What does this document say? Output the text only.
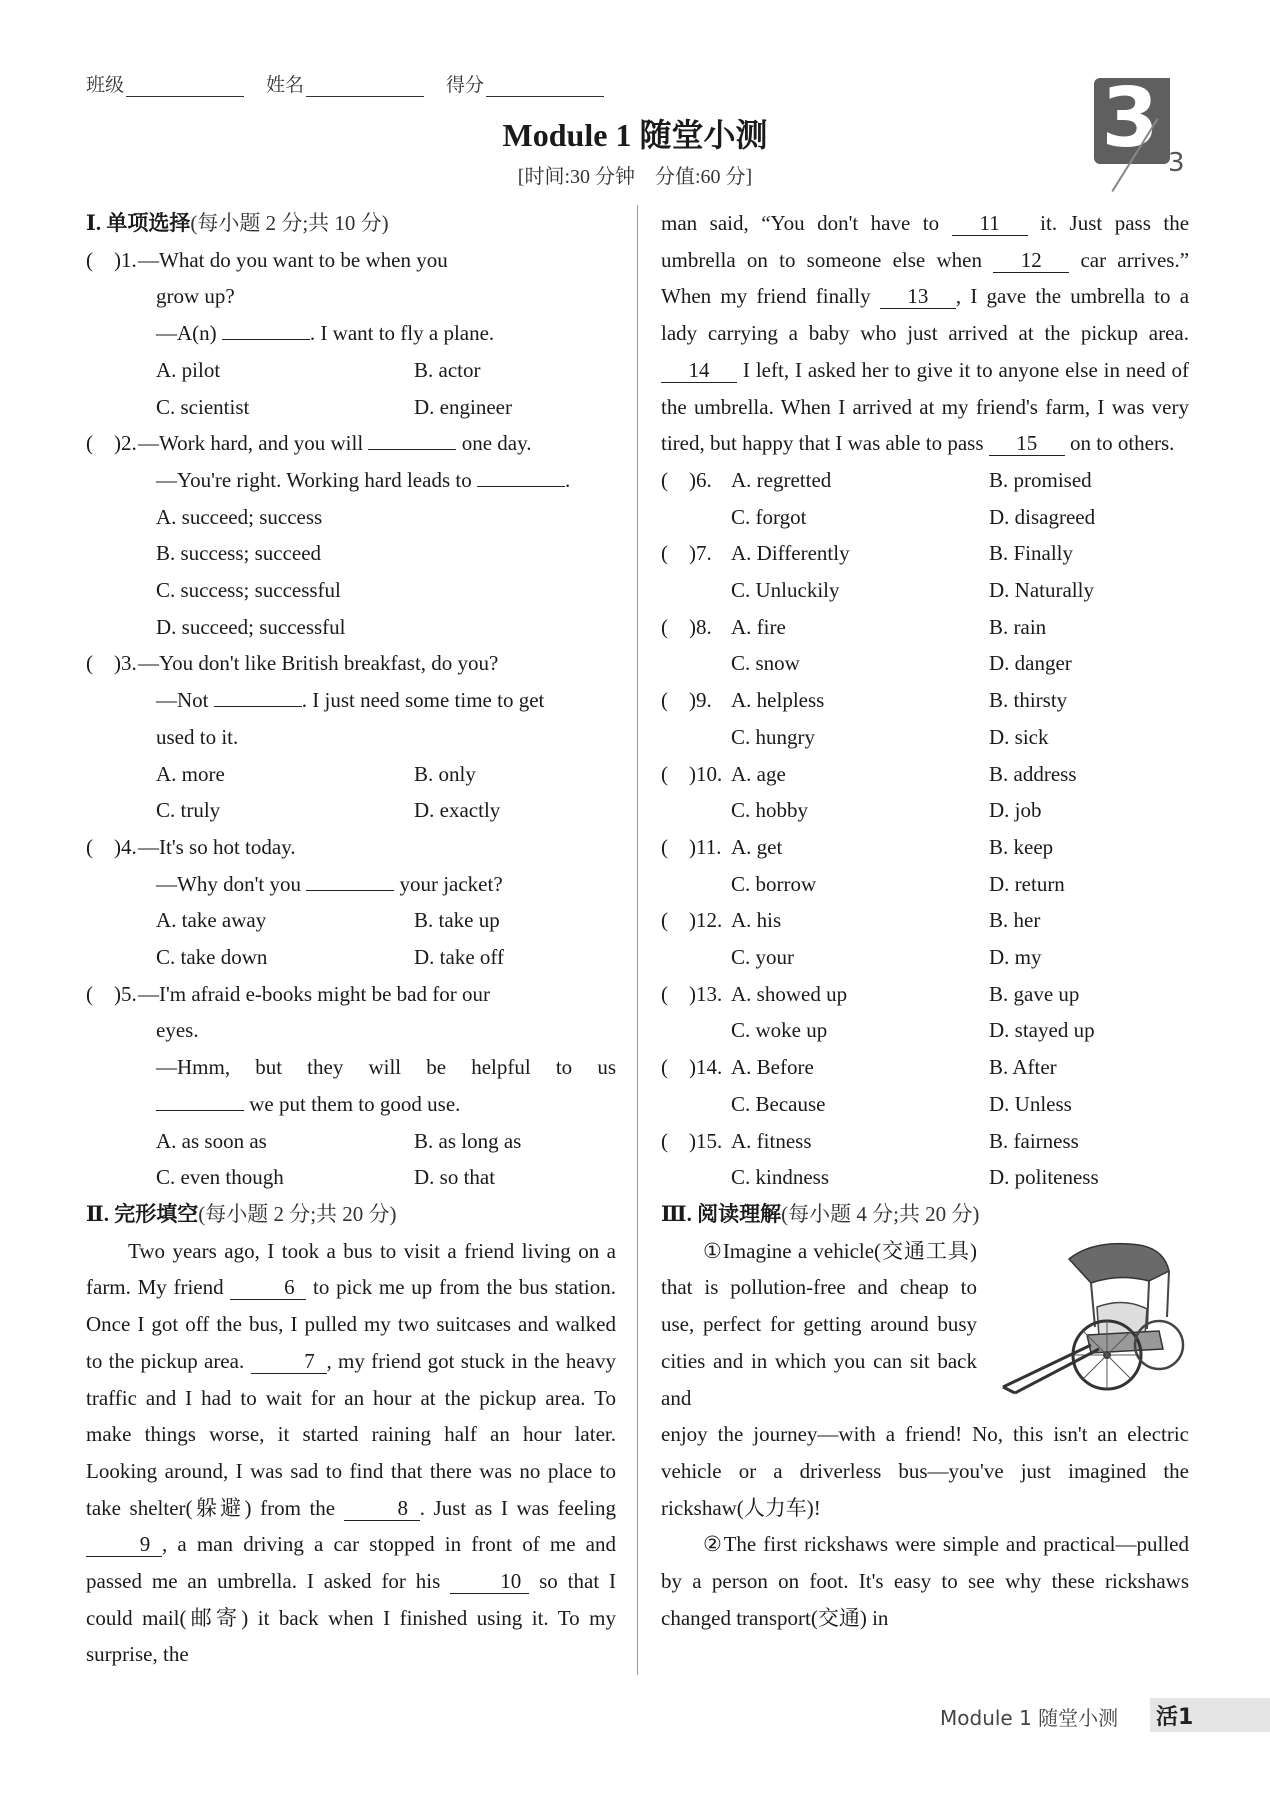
班级	姓名	得分
Module 1 随堂小测
[时间:30 分钟　分值:60 分]
3 3
Ⅰ. 单项选择(每小题 2 分;共 10 分)
(　)1. —What do you want to be when you
grow up?
—A(n)	. I want to fly a plane.
A. pilot	B. actor
C. scientist	D. engineer
(　)2. —Work hard, and you will	one day.
—You're right. Working hard leads to	.
A. succeed; success
B. success; succeed
C. success; successful
D. succeed; successful
(　)3. —You don't like British breakfast, do you?
—Not	. I just need some time to get
used to it.
A. more	B. only
C. truly	D. exactly
(　)4. —It's so hot today.
—Why don't you	your jacket?
A. take away	B. take up
C. take down	D. take off
(　)5. —I'm afraid e-books might be bad for our
eyes.
—Hmm, but they will be helpful to us
we put them to good use.
A. as soon as	B. as long as
C. even though	D. so that
Ⅱ. 完形填空(每小题 2 分;共 20 分)
Two years ago, I took a bus to visit a friend living on a farm. My friend	6 to pick me up from the bus station. Once I got off the bus, I pulled my two suitcases and walked to the pickup area.	7 , my friend got stuck in the heavy traffic and I had to wait for an hour at the pickup area. To make things worse, it started raining half an hour later. Looking around, I was sad to find that there was no place to take shelter(躲避) from the	8 . Just as I was feeling 9 , a man driving a car stopped in front of me and passed me an umbrella. I asked for his	10 so that I could mail(邮寄) it back when I finished using it. To my surprise, the
man said, “You don't have to 11 it. Just pass the umbrella on to someone else when 12 car arrives.” When my friend finally 13 , I gave the umbrella to a lady carrying a baby who just arrived at the pickup area. 14 I left, I asked her to give it to anyone else in need of the umbrella. When I arrived at my friend's farm, I was very tired, but happy that I was able to pass 15 on to others.
(　)6. A. regretted	B. promised
C. forgot	D. disagreed
(　)7. A. Differently	B. Finally
C. Unluckily	D. Naturally
(　)8. A. fire	B. rain
C. snow	D. danger
(　)9. A. helpless	B. thirsty
C. hungry	D. sick
(　)10. A. age	B. address
C. hobby	D. job
(　)11. A. get	B. keep
C. borrow	D. return
(　)12. A. his	B. her
C. your	D. my
(　)13. A. showed up	B. gave up
C. woke up	D. stayed up
(　)14. A. Before	B. After
C. Because	D. Unless
(　)15. A. fitness	B. fairness
C. kindness	D. politeness
Ⅲ. 阅读理解(每小题 4 分;共 20 分)
①Imagine a vehicle(交通工具) that is pollution-free and cheap to use, perfect for getting around busy cities and in which you can sit back and
enjoy the journey—with a friend! No, this isn't an electric vehicle or a driverless bus—you've just imagined the rickshaw(人力车)!
②The first rickshaws were simple and practical—pulled by a person on foot. It's easy to see why these rickshaws changed transport(交通) in
Module 1 随堂小测 活1
